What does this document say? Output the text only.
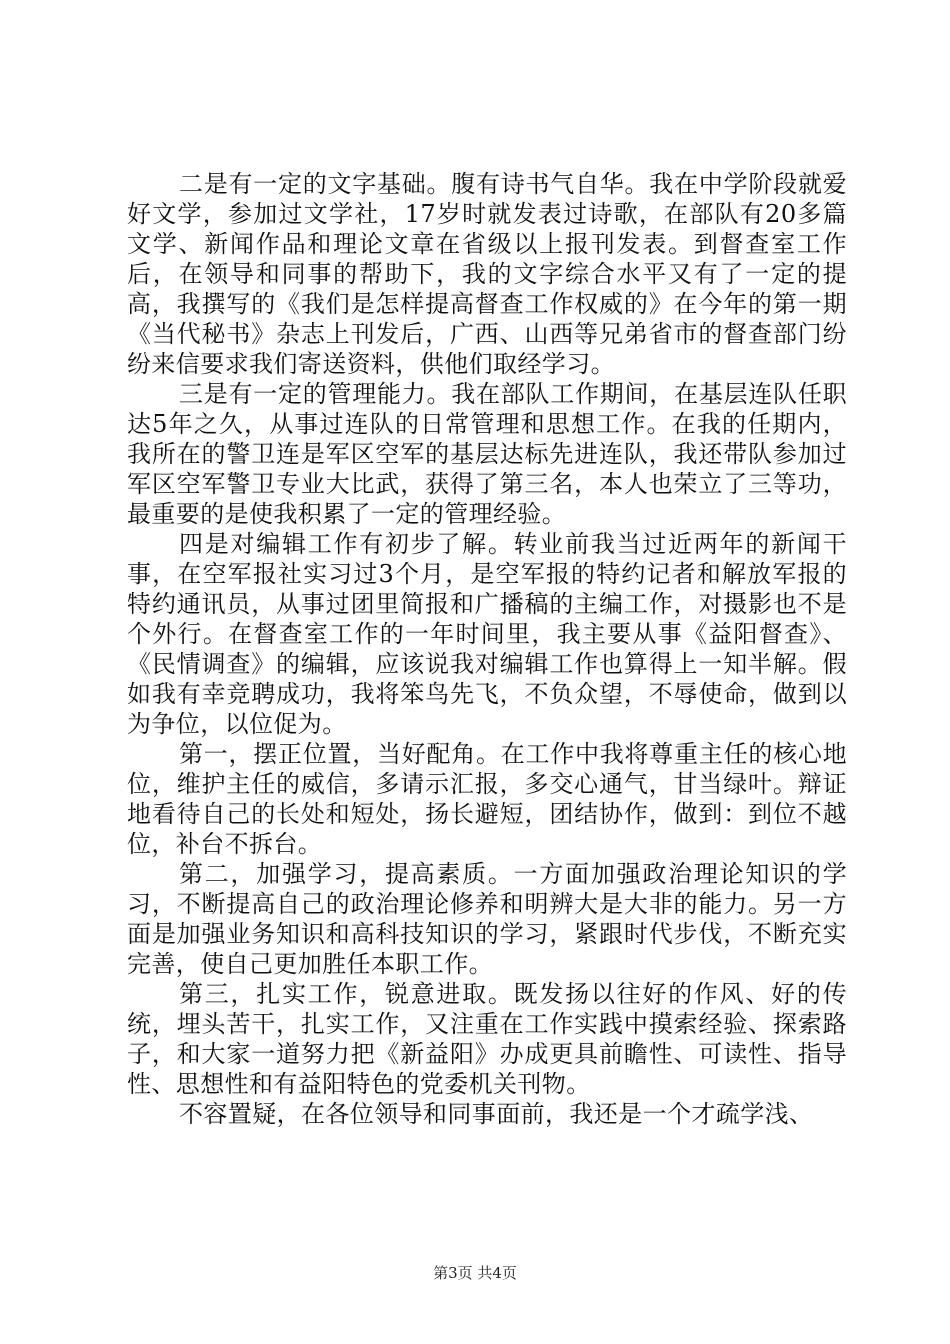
二是有一定的文字基础。腹有诗书气自华。我在中学阶段就爱好文学，参加过文学社，17岁时就发表过诗歌，在部队有20多篇文学、新闻作品和理论文章在省级以上报刊发表。到督查室工作后，在领导和同事的帮助下，我的文字综合水平又有了一定的提高，我撰写的《我们是怎样提高督查工作权威的》在今年的第一期《当代秘书》杂志上刊发后，广西、山西等兄弟省市的督查部门纷纷来信要求我们寄送资料，供他们取经学习。

三是有一定的管理能力。我在部队工作期间，在基层连队任职达5年之久，从事过连队的日常管理和思想工作。在我的任期内，我所在的警卫连是军区空军的基层达标先进连队，我还带队参加过军区空军警卫专业大比武，获得了第三名，本人也荣立了三等功，最重要的是使我积累了一定的管理经验。

四是对编辑工作有初步了解。转业前我当过近两年的新闻干事，在空军报社实习过3个月，是空军报的特约记者和解放军报的特约通讯员，从事过团里简报和广播稿的主编工作，对摄影也不是个外行。在督查室工作的一年时间里，我主要从事《益阳督查》、《民情调查》的编辑，应该说我对编辑工作也算得上一知半解。假如我有幸竞聘成功，我将笨鸟先飞，不负众望，不辱使命，做到以为争位，以位促为。

第一，摆正位置，当好配角。在工作中我将尊重主任的核心地位，维护主任的威信，多请示汇报，多交心通气，甘当绿叶。辩证地看待自己的长处和短处，扬长避短，团结协作，做到：到位不越位，补台不拆台。

第二，加强学习，提高素质。一方面加强政治理论知识的学习，不断提高自己的政治理论修养和明辨大是大非的能力。另一方面是加强业务知识和高科技知识的学习，紧跟时代步伐，不断充实完善，使自己更加胜任本职工作。

第三，扎实工作，锐意进取。既发扬以往好的作风、好的传统，埋头苦干，扎实工作，又注重在工作实践中摸索经验、探索路子，和大家一道努力把《新益阳》办成更具前瞻性、可读性、指导性、思想性和有益阳特色的党委机关刊物。

不容置疑，在各位领导和同事面前，我还是一个才疏学浅、

第3页 共4页
